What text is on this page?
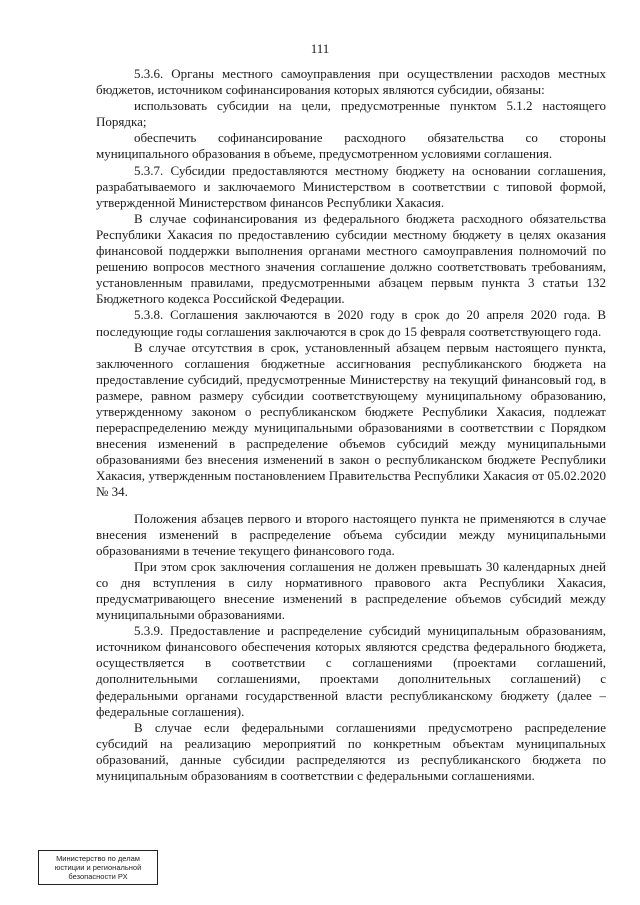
111

5.3.6. Органы местного самоуправления при осуществлении расходов местных бюджетов, источником софинансирования которых являются субсидии, обязаны:

использовать субсидии на цели, предусмотренные пунктом 5.1.2 настоящего Порядка;

обеспечить софинансирование расходного обязательства со стороны муниципального образования в объеме, предусмотренном условиями соглашения.

5.3.7. Субсидии предоставляются местному бюджету на основании соглашения, разрабатываемого и заключаемого Министерством в соответствии с типовой формой, утвержденной Министерством финансов Республики Хакасия.

В случае софинансирования из федерального бюджета расходного обязательства Республики Хакасия по предоставлению субсидии местному бюджету в целях оказания финансовой поддержки выполнения органами местного самоуправления полномочий по решению вопросов местного значения соглашение должно соответствовать требованиям, установленным правилами, предусмотренными абзацем первым пункта 3 статьи 132 Бюджетного кодекса Российской Федерации.

5.3.8. Соглашения заключаются в 2020 году в срок до 20 апреля 2020 года. В последующие годы соглашения заключаются в срок до 15 февраля соответствующего года.

В случае отсутствия в срок, установленный абзацем первым настоящего пункта, заключенного соглашения бюджетные ассигнования республиканского бюджета на предоставление субсидий, предусмотренные Министерству на текущий финансовый год, в размере, равном размеру субсидии соответствующему муниципальному образованию, утвержденному законом о республиканском бюджете Республики Хакасия, подлежат перераспределению между муниципальными образованиями в соответствии с Порядком внесения изменений в распределение объемов субсидий между муниципальными образованиями без внесения изменений в закон о республиканском бюджете Республики Хакасия, утвержденным постановлением Правительства Республики Хакасия от 05.02.2020 № 34.

Положения абзацев первого и второго настоящего пункта не применяются в случае внесения изменений в распределение объема субсидии между муниципальными образованиями в течение текущего финансового года.

При этом срок заключения соглашения не должен превышать 30 календарных дней со дня вступления в силу нормативного правового акта Республики Хакасия, предусматривающего внесение изменений в распределение объемов субсидий между муниципальными образованиями.

5.3.9. Предоставление и распределение субсидий муниципальным образованиям, источником финансового обеспечения которых являются средства федерального бюджета, осуществляется в соответствии с соглашениями (проектами соглашений, дополнительными соглашениями, проектами дополнительных соглашений) с федеральными органами государственной власти республиканскому бюджету (далее – федеральные соглашения).

В случае если федеральными соглашениями предусмотрено распределение субсидий на реализацию мероприятий по конкретным объектам муниципальных образований, данные субсидии распределяются из республиканского бюджета по муниципальным образованиям в соответствии с федеральными соглашениями.

Министерство по делам
юстиции и региональной
безопасности РХ
